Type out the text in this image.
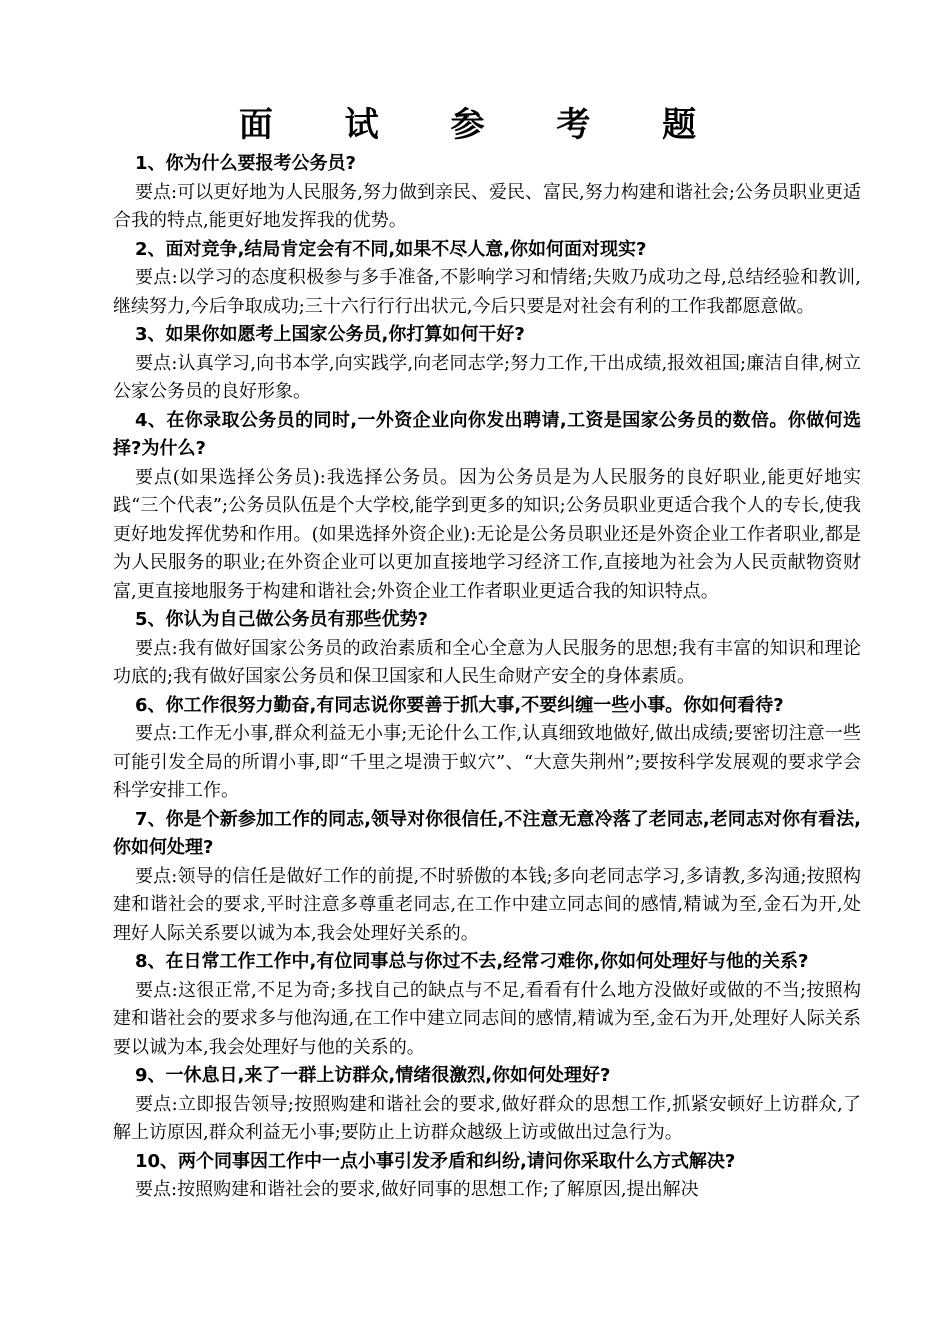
面 试 参 考 题

1、你为什么要报考公务员?

要点:可以更好地为人民服务,努力做到亲民、爱民、富民,努力构建和谐社会;公务员职业更适合我的特点,能更好地发挥我的优势。

2、面对竞争,结局肯定会有不同,如果不尽人意,你如何面对现实?

要点:以学习的态度积极参与多手准备,不影响学习和情绪;失败乃成功之母,总结经验和教训,继续努力,今后争取成功;三十六行行行出状元,今后只要是对社会有利的工作我都愿意做。

3、如果你如愿考上国家公务员,你打算如何干好?

要点:认真学习,向书本学,向实践学,向老同志学;努力工作,干出成绩,报效祖国;廉洁自律,树立公家公务员的良好形象。

4、在你录取公务员的同时,一外资企业向你发出聘请,工资是国家公务员的数倍。你做何选择?为什么?

要点(如果选择公务员):我选择公务员。因为公务员是为人民服务的良好职业,能更好地实践“三个代表”;公务员队伍是个大学校,能学到更多的知识;公务员职业更适合我个人的专长,使我更好地发挥优势和作用。(如果选择外资企业):无论是公务员职业还是外资企业工作者职业,都是为人民服务的职业;在外资企业可以更加直接地学习经济工作,直接地为社会为人民贡献物资财富,更直接地服务于构建和谐社会;外资企业工作者职业更适合我的知识特点。

5、你认为自己做公务员有那些优势?

要点:我有做好国家公务员的政治素质和全心全意为人民服务的思想;我有丰富的知识和理论功底的;我有做好国家公务员和保卫国家和人民生命财产安全的身体素质。

6、你工作很努力勤奋,有同志说你要善于抓大事,不要纠缠一些小事。你如何看待?

要点:工作无小事,群众利益无小事;无论什么工作,认真细致地做好,做出成绩;要密切注意一些可能引发全局的所谓小事,即“千里之堤溃于蚁穴”、“大意失荆州”;要按科学发展观的要求学会科学安排工作。

7、你是个新参加工作的同志,领导对你很信任,不注意无意冷落了老同志,老同志对你有看法,你如何处理?

要点:领导的信任是做好工作的前提,不时骄傲的本钱;多向老同志学习,多请教,多沟通;按照构建和谐社会的要求,平时注意多尊重老同志,在工作中建立同志间的感情,精诚为至,金石为开,处理好人际关系要以诚为本,我会处理好关系的。

8、在日常工作工作中,有位同事总与你过不去,经常刁难你,你如何处理好与他的关系?

要点:这很正常,不足为奇;多找自己的缺点与不足,看看有什么地方没做好或做的不当;按照构建和谐社会的要求多与他沟通,在工作中建立同志间的感情,精诚为至,金石为开,处理好人际关系要以诚为本,我会处理好与他的关系的。

9、一休息日,来了一群上访群众,情绪很激烈,你如何处理好?

要点:立即报告领导;按照购建和谐社会的要求,做好群众的思想工作,抓紧安顿好上访群众,了解上访原因,群众利益无小事;要防止上访群众越级上访或做出过急行为。

10、两个同事因工作中一点小事引发矛盾和纠纷,请问你采取什么方式解决?

要点:按照购建和谐社会的要求,做好同事的思想工作;了解原因,提出解决
